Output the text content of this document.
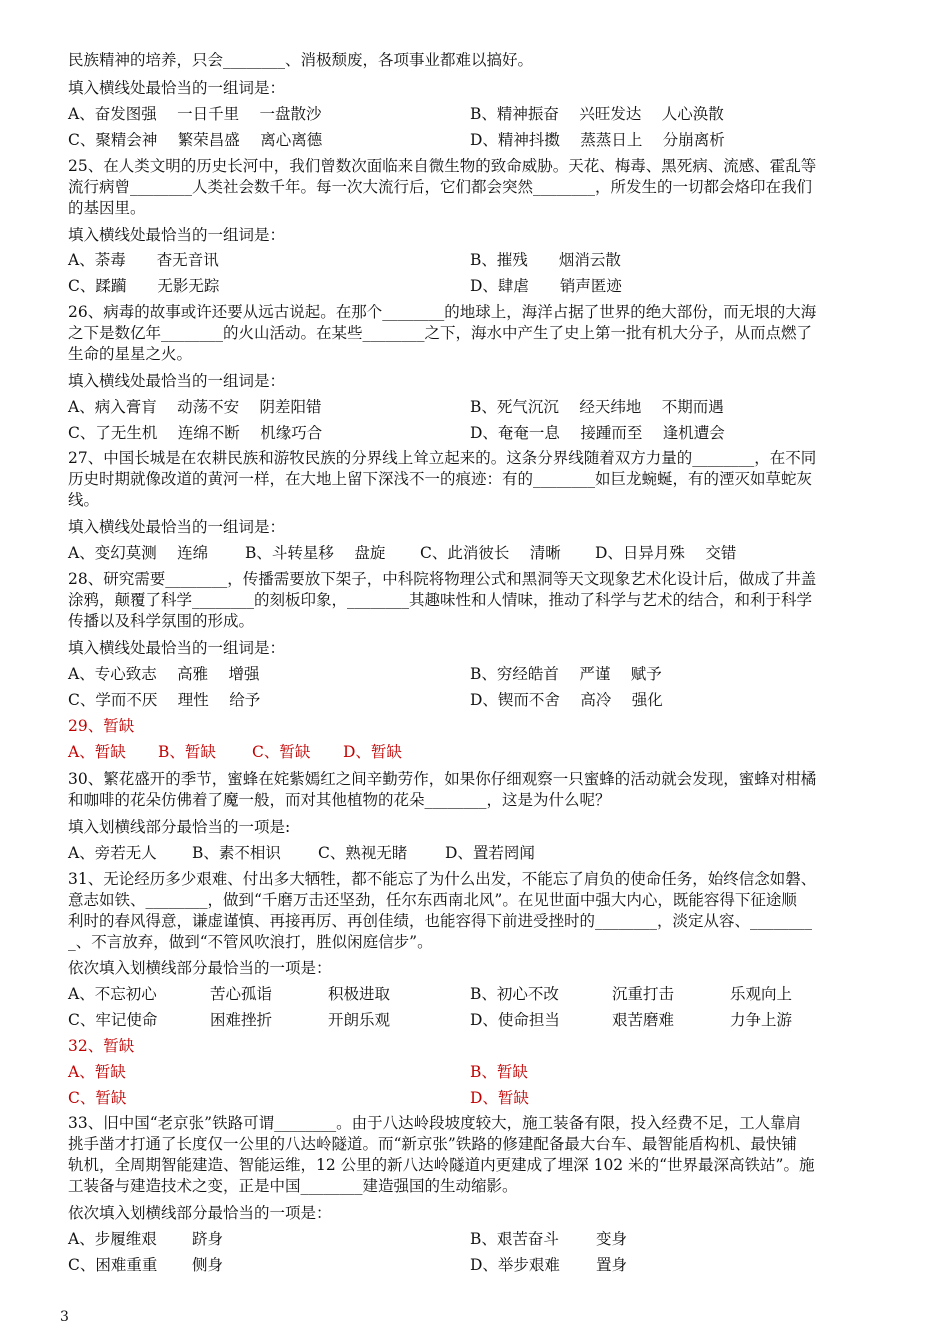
民族精神的培养，只会________、消极颓废，各项事业都难以搞好。
填入横线处最恰当的一组词是：
A、奋发图强　 一日千里　 一盘散沙	B、精神振奋　 兴旺发达　 人心涣散
C、聚精会神　 繁荣昌盛　 离心离德	D、精神抖擞　 蒸蒸日上　 分崩离析
25、在人类文明的历史长河中，我们曾数次面临来自微生物的致命威胁。天花、梅毒、黑死病、流感、霍乱等
流行病曾________人类社会数千年。每一次大流行后，它们都会突然________，所发生的一切都会烙印在我们
的基因里。
填入横线处最恰当的一组词是：
A、荼毒　　杳无音讯	B、摧残　　烟消云散
C、蹂躏　　无影无踪	D、肆虐　　销声匿迹
26、病毒的故事或许还要从远古说起。在那个________的地球上，海洋占据了世界的绝大部份，而无垠的大海
之下是数亿年________的火山活动。在某些________之下，海水中产生了史上第一批有机大分子，从而点燃了
生命的星星之火。
填入横线处最恰当的一组词是：
A、病入膏肓　 动荡不安　 阴差阳错	B、死气沉沉　 经天纬地　 不期而遇
C、了无生机　 连绵不断　 机缘巧合	D、奄奄一息　 接踵而至　 逢机遭会
27、中国长城是在农耕民族和游牧民族的分界线上耸立起来的。这条分界线随着双方力量的________，在不同
历史时期就像改道的黄河一样，在大地上留下深浅不一的痕迹：有的________如巨龙蜿蜒，有的湮灭如草蛇灰
线。
填入横线处最恰当的一组词是：
A、变幻莫测　 连绵 B、斗转星移　 盘旋 C、此消彼长　 清晰 D、日异月殊　 交错
28、研究需要________，传播需要放下架子，中科院将物理公式和黑洞等天文现象艺术化设计后，做成了井盖
涂鸦，颠覆了科学________的刻板印象，________其趣味性和人情味，推动了科学与艺术的结合，和利于科学
传播以及科学氛围的形成。
填入横线处最恰当的一组词是：
A、专心致志　 高雅　 增强	B、穷经皓首　 严谨　 赋予
C、学而不厌　 理性　 给予	D、锲而不舍　 高冷　 强化
29、暂缺
A、暂缺 B、暂缺 C、暂缺 D、暂缺
30、繁花盛开的季节，蜜蜂在姹紫嫣红之间辛勤劳作，如果你仔细观察一只蜜蜂的活动就会发现，蜜蜂对柑橘
和咖啡的花朵仿佛着了魔一般，而对其他植物的花朵________，这是为什么呢？
填入划横线部分最恰当的一项是:
A、旁若无人 B、素不相识 C、熟视无睹 D、置若罔闻
31、无论经历多少艰难、付出多大牺牲，都不能忘了为什么出发，不能忘了肩负的使命任务，始终信念如磐、
意志如铁、________，做到“千磨万击还坚劲，任尔东西南北风”。在见世面中强大内心，既能容得下征途顺
利时的春风得意，谦虚谨慎、再接再厉、再创佳绩，也能容得下前进受挫时的________，淡定从容、________
_、不言放弃，做到“不管风吹浪打，胜似闲庭信步”。
依次填入划横线部分最恰当的一项是：
A、不忘初心	苦心孤诣	积极进取	B、初心不改	沉重打击	乐观向上
C、牢记使命	困难挫折	开朗乐观	D、使命担当	艰苦磨难	力争上游
32、暂缺
A、暂缺	B、暂缺
C、暂缺	D、暂缺
33、旧中国“老京张”铁路可谓________。由于八达岭段坡度较大，施工装备有限，投入经费不足，工人靠肩
挑手凿才打通了长度仅一公里的八达岭隧道。而“新京张”铁路的修建配备最大台车、最智能盾构机、最快铺
轨机，全周期智能建造、智能运维，12 公里的新八达岭隧道内更建成了埋深 102 米的“世界最深高铁站”。施
工装备与建造技术之变，正是中国________建造强国的生动缩影。
依次填入划横线部分最恰当的一项是：
A、步履维艰 跻身	B、艰苦奋斗 变身
C、困难重重 侧身	D、举步艰难 置身
3
